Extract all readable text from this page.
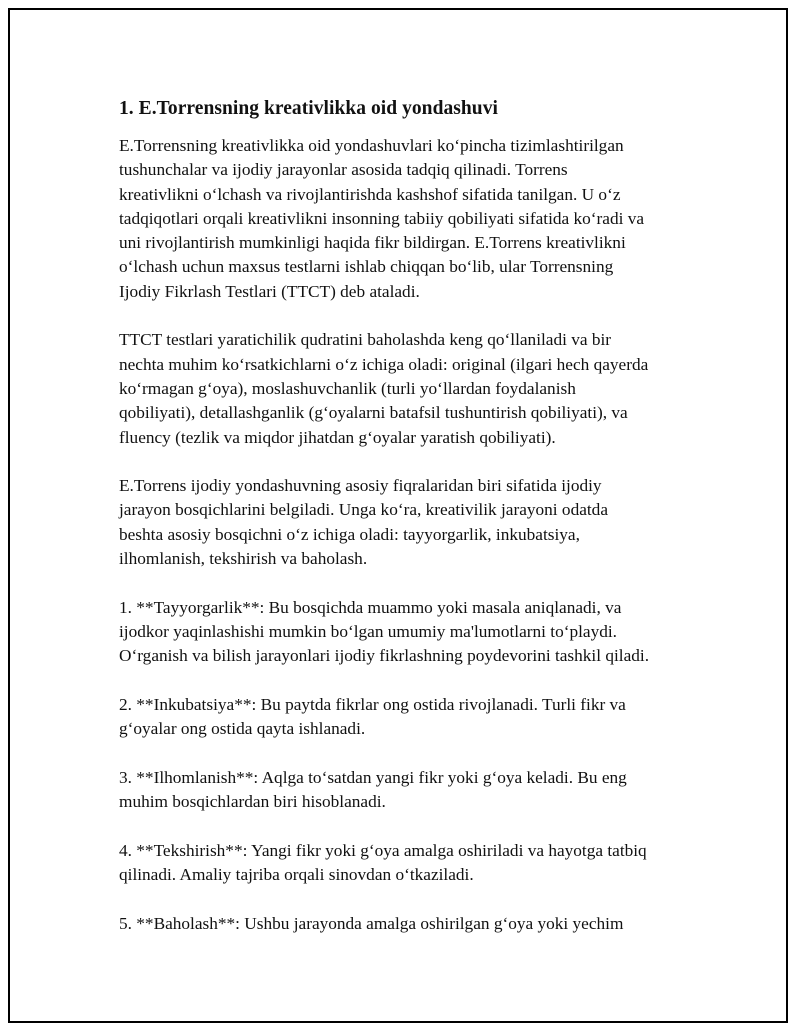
1. E.Torrensning kreativlikka oid yondashuvi

E.Torrensning kreativlikka oid yondashuvlari ko‘pincha tizimlashtirilgan
tushunchalar va ijodiy jarayonlar asosida tadqiq qilinadi. Torrens
kreativlikni o‘lchash va rivojlantirishda kashshof sifatida tanilgan. U o‘z
tadqiqotlari orqali kreativlikni insonning tabiiy qobiliyati sifatida ko‘radi va
uni rivojlantirish mumkinligi haqida fikr bildirgan. E.Torrens kreativlikni
o‘lchash uchun maxsus testlarni ishlab chiqqan bo‘lib, ular Torrensning
Ijodiy Fikrlash Testlari (TTCT) deb ataladi.

TTCT testlari yaratichilik qudratini baholashda keng qo‘llaniladi va bir
nechta muhim ko‘rsatkichlarni o‘z ichiga oladi: original (ilgari hech qayerda
ko‘rmagan g‘oya), moslashuvchanlik (turli yo‘llardan foydalanish
qobiliyati), detallashganlik (g‘oyalarni batafsil tushuntirish qobiliyati), va
fluency (tezlik va miqdor jihatdan g‘oyalar yaratish qobiliyati).

E.Torrens ijodiy yondashuvning asosiy fiqralaridan biri sifatida ijodiy
jarayon bosqichlarini belgiladi. Unga ko‘ra, kreativilik jarayoni odatda
beshta asosiy bosqichni o‘z ichiga oladi: tayyorgarlik, inkubatsiya,
ilhomlanish, tekshirish va baholash.

1. **Tayyorgarlik**: Bu bosqichda muammo yoki masala aniqlanadi, va
ijodkor yaqinlashishi mumkin bo‘lgan umumiy ma'lumotlarni to‘playdi.
O‘rganish va bilish jarayonlari ijodiy fikrlashning poydevorini tashkil qiladi.

2. **Inkubatsiya**: Bu paytda fikrlar ong ostida rivojlanadi. Turli fikr va
g‘oyalar ong ostida qayta ishlanadi.

3. **Ilhomlanish**: Aqlga to‘satdan yangi fikr yoki g‘oya keladi. Bu eng
muhim bosqichlardan biri hisoblanadi.

4. **Tekshirish**: Yangi fikr yoki g‘oya amalga oshiriladi va hayotga tatbiq
qilinadi. Amaliy tajriba orqali sinovdan o‘tkaziladi.

5. **Baholash**: Ushbu jarayonda amalga oshirilgan g‘oya yoki yechim
